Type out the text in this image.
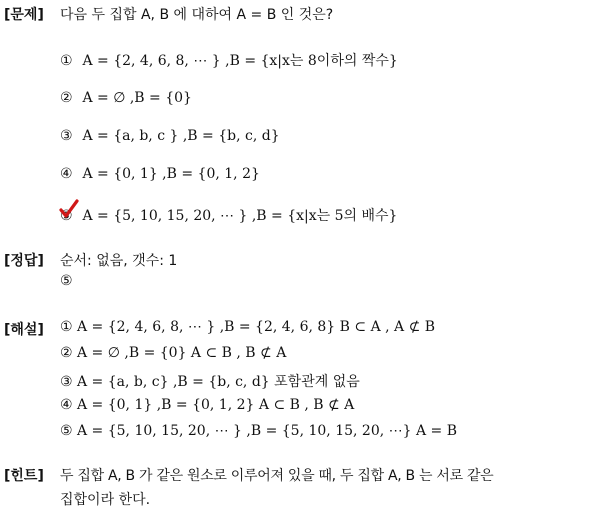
[문제] 다음 두 집합 A, B 에 대하여 A = B 인 것은?
① A = {2, 4, 6, 8, ⋯ } ,B = {x|x는 8이하의 짝수}
② A = ∅ ,B = {0}
③ A = {a, b, c } ,B = {b, c, d}
④ A = {0, 1} ,B = {0, 1, 2}
⑤ A = {5, 10, 15, 20, ⋯ } ,B = {x|x는 5의 배수}
[정답] 순서: 없음, 갯수: 1
⑤
[해설] ① A = {2, 4, 6, 8, ⋯ } ,B = {2, 4, 6, 8} B ⊂ A , A ⊄ B
② A = ∅ ,B = {0} A ⊂ B , B ⊄ A
③ A = {a, b, c} ,B = {b, c, d} 포함관계 없음
④ A = {0, 1} ,B = {0, 1, 2} A ⊂ B , B ⊄ A
⑤ A = {5, 10, 15, 20, ⋯ } ,B = {5, 10, 15, 20, ⋯} A = B
[힌트] 두 집합 A, B 가 같은 원소로 이루어져 있을 때, 두 집합 A, B 는 서로 같은
집합이라 한다.
